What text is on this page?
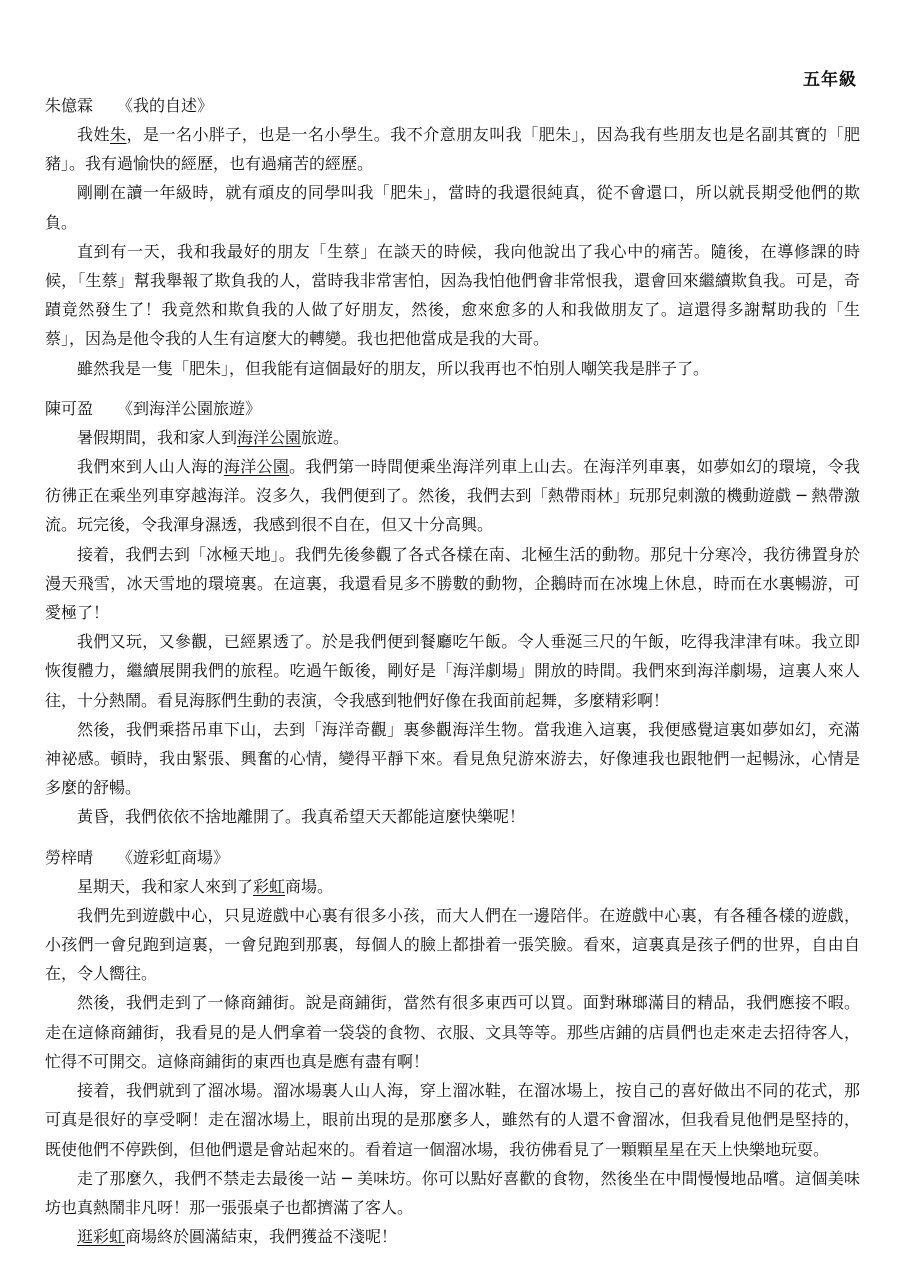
五年級
朱億霖 《我的自述》

我姓朱，是一名小胖子，也是一名小學生。我不介意朋友叫我「肥朱」，因為我有些朋友也是名副其實的「肥豬」。我有過愉快的經歷，也有過痛苦的經歷。

剛剛在讀一年級時，就有頑皮的同學叫我「肥朱」，當時的我還很純真，從不會還口，所以就長期受他們的欺負。

直到有一天，我和我最好的朋友「生蔡」在談天的時候，我向他說出了我心中的痛苦。隨後，在導修課的時候，「生蔡」幫我舉報了欺負我的人，當時我非常害怕，因為我怕他們會非常恨我，還會回來繼續欺負我。可是，奇蹟竟然發生了！我竟然和欺負我的人做了好朋友，然後，愈來愈多的人和我做朋友了。這還得多謝幫助我的「生蔡」，因為是他令我的人生有這麼大的轉變。我也把他當成是我的大哥。

雖然我是一隻「肥朱」，但我能有這個最好的朋友，所以我再也不怕別人嘲笑我是胖子了。

陳可盈 《到海洋公園旅遊》

暑假期間，我和家人到海洋公園旅遊。

我們來到人山人海的海洋公園。我們第一時間便乘坐海洋列車上山去。在海洋列車裏，如夢如幻的環境，令我彷彿正在乘坐列車穿越海洋。沒多久，我們便到了。然後，我們去到「熱帶雨林」玩那兒刺激的機動遊戲 ─ 熱帶激流。玩完後，令我渾身濕透，我感到很不自在，但又十分高興。

接着，我們去到「冰極天地」。我們先後參觀了各式各樣在南、北極生活的動物。那兒十分寒冷，我彷彿置身於漫天飛雪，冰天雪地的環境裏。在這裏，我還看見多不勝數的動物，企鵝時而在冰塊上休息，時而在水裏暢游，可愛極了！

我們又玩，又參觀，已經累透了。於是我們便到餐廳吃午飯。令人垂涎三尺的午飯，吃得我津津有味。我立即恢復體力，繼續展開我們的旅程。吃過午飯後，剛好是「海洋劇場」開放的時間。我們來到海洋劇場，這裏人來人往，十分熱鬧。看見海豚們生動的表演，令我感到牠們好像在我面前起舞，多麼精彩啊！

然後，我們乘搭吊車下山，去到「海洋奇觀」裏參觀海洋生物。當我進入這裏，我便感覺這裏如夢如幻，充滿神祕感。頓時，我由緊張、興奮的心情，變得平靜下來。看見魚兒游來游去，好像連我也跟牠們一起暢泳，心情是多麼的舒暢。

黃昏，我們依依不捨地離開了。我真希望天天都能這麼快樂呢！

勞梓晴 《遊彩虹商場》

星期天，我和家人來到了彩虹商場。

我們先到遊戲中心，只見遊戲中心裏有很多小孩，而大人們在一邊陪伴。在遊戲中心裏，有各種各樣的遊戲，小孩們一會兒跑到這裏，一會兒跑到那裏，每個人的臉上都掛着一張笑臉。看來，這裏真是孩子們的世界，自由自在，令人嚮往。

然後，我們走到了一條商鋪街。說是商鋪街，當然有很多東西可以買。面對琳瑯滿目的精品，我們應接不暇。走在這條商鋪街，我看見的是人們拿着一袋袋的食物、衣服、文具等等。那些店鋪的店員們也走來走去招待客人，忙得不可開交。這條商鋪街的東西也真是應有盡有啊！

接着，我們就到了溜冰場。溜冰場裏人山人海，穿上溜冰鞋，在溜冰場上，按自己的喜好做出不同的花式，那可真是很好的享受啊！走在溜冰場上，眼前出現的是那麼多人，雖然有的人還不會溜冰，但我看見他們是堅持的，既使他們不停跌倒，但他們還是會站起來的。看着這一個溜冰場，我彷佛看見了一顆顆星星在天上快樂地玩耍。

走了那麼久，我們不禁走去最後一站 ─ 美味坊。你可以點好喜歡的食物，然後坐在中間慢慢地品嚐。這個美味坊也真熱鬧非凡呀！那一張張桌子也都擠滿了客人。

逛彩虹商場終於圓滿結束，我們獲益不淺呢！
